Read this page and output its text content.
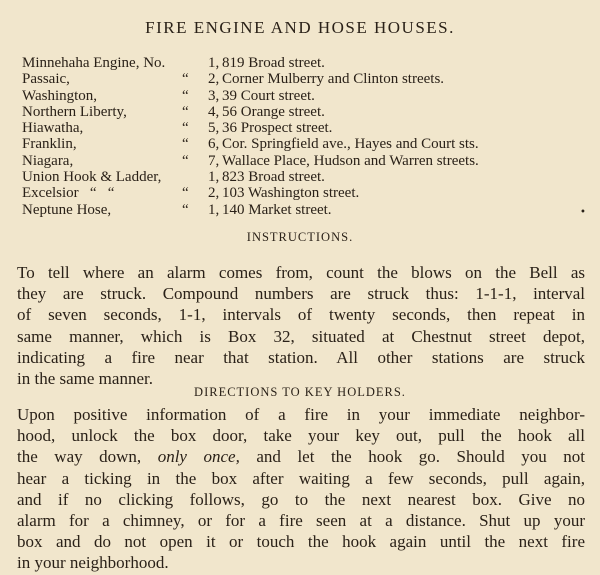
FIRE ENGINE AND HOSE HOUSES.
Minnehaha Engine, No.	1, 819 Broad street.
Passaic,	“	2, Corner Mulberry and Clinton streets.
Washington,	“	3, 39 Court street.
Northern Liberty,	“	4, 56 Orange street.
Hiawatha,	“	5, 36 Prospect street.
Franklin,	“	6, Cor. Springfield ave., Hayes and Court sts.
Niagara,	“	7, Wallace Place, Hudson and Warren streets.
Union Hook & Ladder,	1, 823 Broad street.
Excelsior   “   “	“	2, 103 Washington street.
Neptune Hose,	“	1, 140 Market street.	•
INSTRUCTIONS.
To tell where an alarm comes from, count the blows on the Bell as
they are struck. Compound numbers are struck thus: 1-1-1, interval
of seven seconds, 1-1, intervals of twenty seconds, then repeat in
same manner, which is Box 32, situated at Chestnut street depot,
indicating a fire near that station. All other stations are struck
in the same manner.
DIRECTIONS TO KEY HOLDERS.
Upon positive information of a fire in your immediate neighbor-
hood, unlock the box door, take your key out, pull the hook all
the way down, only once, and let the hook go. Should you not
hear a ticking in the box after waiting a few seconds, pull again,
and if no clicking follows, go to the next nearest box. Give no
alarm for a chimney, or for a fire seen at a distance. Shut up your
box and do not open it or touch the hook again until the next fire
in your neighborhood.
